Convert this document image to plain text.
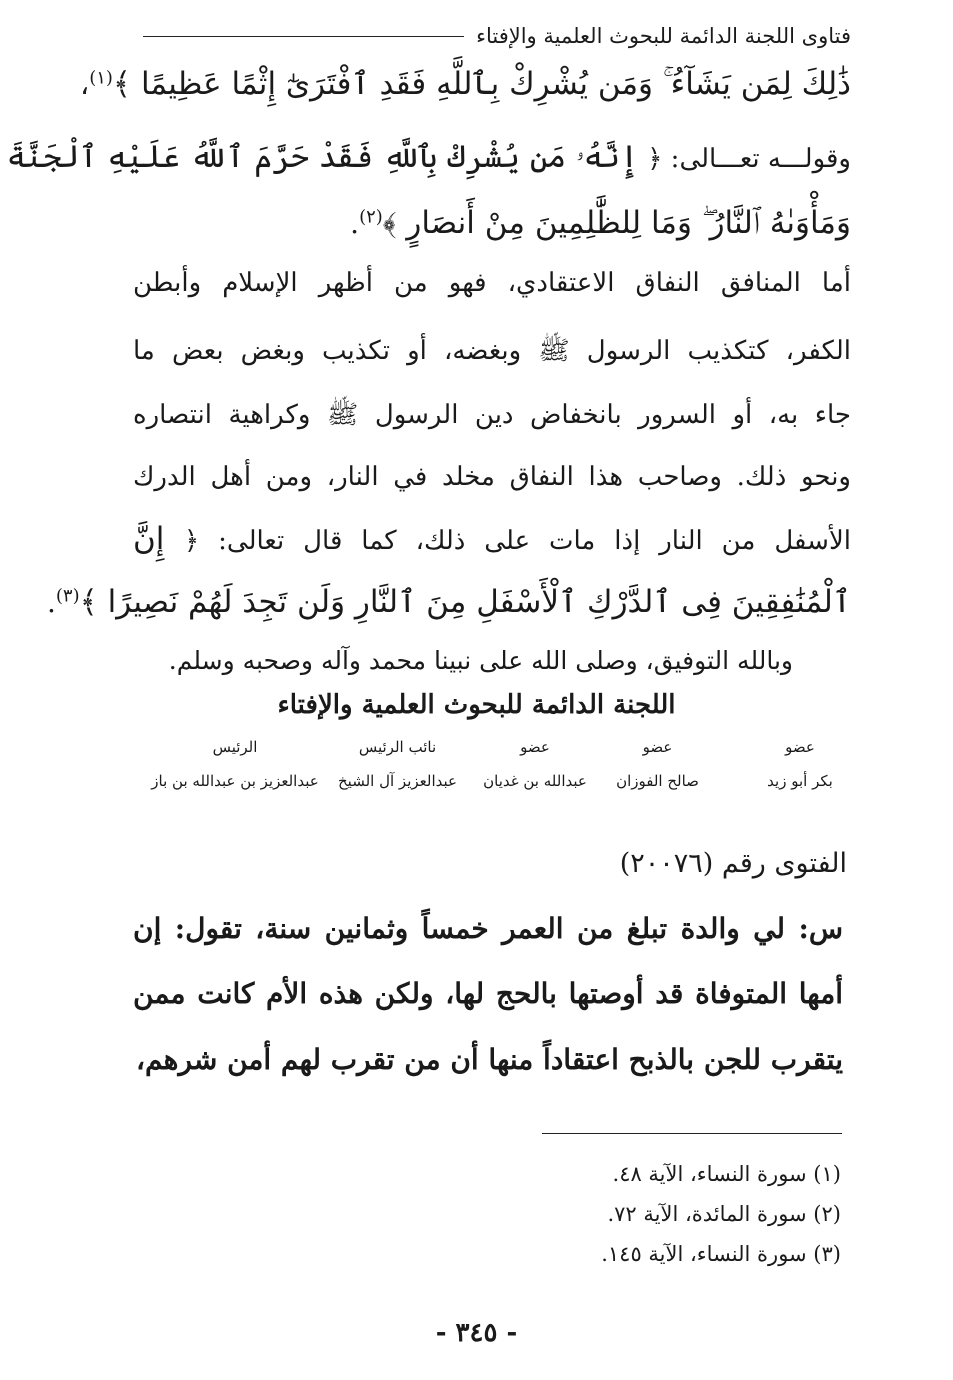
فتاوى اللجنة الدائمة للبحوث العلمية والإفتاء
ذَٰلِكَ لِمَن يَشَآءُ ۚ وَمَن يُشْرِكْ بِٱللَّهِ فَقَدِ ٱفْتَرَىٰٓ إِثْمًا عَظِيمًا ﴾$^{(١)}$،
وقولـــه تعـــالى: ﴿ إِنَّهُۥ مَن يُشْرِكْ بِٱللَّهِ فَقَدْ حَرَّمَ ٱللَّهُ عَلَيْهِ ٱلْجَنَّةَ
وَمَأْوَىٰهُ ٱلنَّارُ ۖ وَمَا لِلظَّٰلِمِينَ مِنْ أَنصَارٍ ﴾$^{(٢)}$.
أما المنافق النفاق الاعتقادي، فهو من أظهر الإسلام وأبطن
الكفر، كتكذيب الرسول ﷺ وبغضه، أو تكذيب وبغض بعض ما
جاء به، أو السرور بانخفاض دين الرسول ﷺ وكراهية انتصاره
ونحو ذلك. وصاحب هذا النفاق مخلد في النار، ومن أهل الدرك
الأسفل من النار إذا مات على ذلك، كما قال تعالى: ﴿ إِنَّ
ٱلْمُنَٰفِقِينَ فِى ٱلدَّرْكِ ٱلْأَسْفَلِ مِنَ ٱلنَّارِ وَلَن تَجِدَ لَهُمْ نَصِيرًا ﴾$^{(٣)}$.
وبالله التوفيق، وصلى الله على نبينا محمد وآله وصحبه وسلم.
اللجنة الدائمة للبحوث العلمية والإفتاء
عضو
بكر أبو زيد
عضو
صالح الفوزان
عضو
عبدالله بن غديان
نائب الرئيس
عبدالعزيز آل الشيخ
الرئيس
عبدالعزيز بن عبدالله بن باز
الفتوى رقم (٢٠٠٧٦)
س: لي والدة تبلغ من العمر خمساً وثمانين سنة، تقول: إن
أمها المتوفاة قد أوصتها بالحج لها، ولكن هذه الأم كانت ممن
يتقرب للجن بالذبح اعتقاداً منها أن من تقرب لهم أمن شرهم،
(١) سورة النساء، الآية ٤٨.
(٢) سورة المائدة، الآية ٧٢.
(٣) سورة النساء، الآية ١٤٥.
- ٣٤٥ -
